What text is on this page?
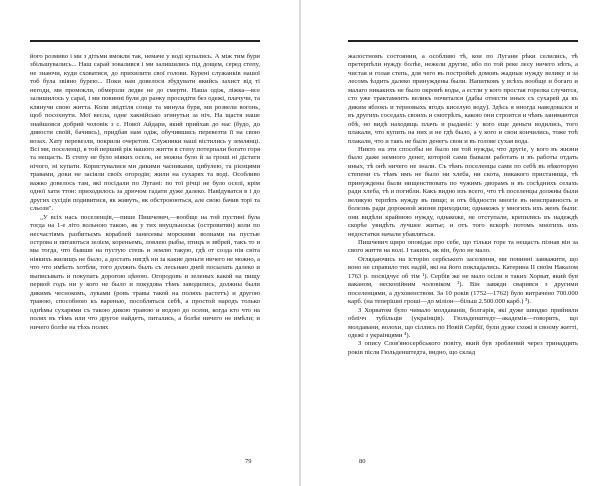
його розмиво і ми з дітьми вмокли так, немаче у воді купались. А між тим бури збільшувались... Наш сарай зовалився і ми залишились під дощем, серед степу, не знаючи, куди сховатися, до прихилити свої голови. Курені служанків нашої тоб була звіяно бурею... Поки нам довелося збудувати якийсь захист від ті негоди, ми промокли, обмерзли ледве не до смерти. Наша одіж, ліжка—все залишилось у сараї, і ми повинні були до ранку просидіти без одежі, плачучи, та клянучи свою житта. Коли звідтіля сонце та минула буря, ми розвели вогонь, щоб посохнути. Мої весла, одне хакнійсько эгинутьи за ніч. На щастя наше знайшовся добрий чоловік з с. Нової Айдари, який прийхав до нас (будо, до дивости своїй, бачивсь), придбав нам одіж, обучившись перевезти її на свою возах. Хату перевезли, покрили очеретом. Служники наші вістились у землянці. Всі ми, поселенці, в той перший рік нашого життя в степу потерпали богато горя та нещасть. В степу не було ніяких осель, не можна було й за гроші ні дістати нічого, ні купати. Користувалися ми дикими часниками, цибулею, та рієнцями травами, доки не засіяли своїх огородів; жили на сухарях та воді. Особливо важко довелось там, які посідали по Лугані: по тої річці не було оселі, крім одної хати ттон: приходилось за дрючом гадати дуже далеко. Навідуватся в і до других сусідів подивитися, як живуть, як обстроюються, але свою бачив торі та сльози".

„У всіх нась поселенців,—пише Пишчевич,—вообще на той пустині була тогда на 1-е літо вольною такою, як у тих внуцльноськ (островитян) коли по несчастіямъ разбитьємъ кораблей занесемы морскими волнами на пустые острова и питаються зелієм, кореньемъ, ловлею рыбы, птицъ и звбрей, такъ то и мы тогда, что бывши на пустую степь и землю такую, гдѣ от созда нія світа ніякихъ жилищъ не было, а достать нигдѣ ни за какие деньги ничего не можно, а что что имѣєть хотбли, того должнъ былъ съ лесьнаю дней посылать далеко и выписывать и покупать дорогою цѣною. Огородовъ и зеленых какой на пищу первой годъ ни у кого не было и покудова тѣмъ заводились, должны были дикимъ чеснокомъ, луками (ровъ травы такой на поляхъ растетъ) и другою травою, способною къ варенью, пособляться себѣ, а простой народъ только однѣмы сухарями съ такою дикою травою и водою до осени, когда кто что на полях въ тѣмъ или что другое найдетъ, питались, а болѣе ничего не имѣли; и ничего болѣе на тѣхъ полях

79

жалостномъ состоянии, а особливо тѣ, кои по Лугани рѣки селились, тѣ претерпѣли нужду болѣе, нежели другие, ибо по той реке лесу ничего нѣтъ, а чистая и голая степь, для чего въ постройкѣ домовъ жадные нужду велику и за лесомъ ѣздить далеко принуждены были. Напитковъ у всѣхъ вообще и богаго и малаго никакихъ не было окромѣ воды, а естли у кого простая горелка случится, сто уже трактаментъ великъ почитался (дабы отнести иных съ сухарей да къ диким яблокъ и терновыхъ ягодъ киселую воду). Здѣсь я иногда наведовался и въ другихъ соседахъ своихъ и смотрѣлъ, какою они строится и чѣмъ занимаются обѣ, но видѣ находящь плачъ и рыданіе: у кого еще деньги водились, того плакали, что купить на них и не гдѣ было, а у кого и свои кончились, тоже тоѣ плакали, что и такъ не было денегъ свои и въ голове сухая вода.

Никто на эти способы не было ни той нужды, что другіе, у кого въ жизни было даже немного денег, которой сами бывали работать и въ работы отдать иных, тѣ онѣ ничего не знали. Съ тѣмъ поселенцы сами по себѣ въ нѣкоторую степени съ тѣмъ имъ не было ни хлеба, ни скота, никакого пристанища, тѣ принуждены были нищенствовать по чужимъ дворамъ и въ сосѣднихъ селахъ ради хлеба, тѣ и погибли. Какъ видно изъ всего, что тѣ поселенцы должны были великую терпѣть нужду въ пище; и отъ бѣдности многіе въ неисправность и болезнь ради дорожной жизни приходили; однакожъ у многихъ ихъ женъ были: они видѣли крайнюю нужду, однакоже, не отступали, крепились въ надеждѣ скорѣе увидѣть лучшее житье; и отъ того вскорѣ потомъ многихъ ихъ недостатки начали убавляться.

Пишчевич щиро оповідає про себе, що тільки горе та нещасть пізнав він за свого життя на волі. І такихъ, як він, було не мало.

Оглядаючись на історію сербського заселення, ми повинні завважити, що воно не справило тих надій, які на його покладались. Катерина II своїм Наказом 1763 р. посвідчує об тім ¹). Сербів же не мало осіли в таких Хорват, який був ваканом, нескопійним чоловіком ²). Він завжди сварився з другими поселенцями, а духовенством. За 10 років (1752—1762) було витрачено 700.000 карб. (на теперішні гроші—до міліон—більш 2.500.000 карб.) ³).

З Хорватом було чимало молдаванів, болгарів, які дуже швидко прийняли облічч тубільців (украінців). Гюльденштедт—академік—говорить, що молдавани, волохи, що сіллись по Новій Сербії, були дуже схожі в своєму житті, одежі з украінцями ⁴).

З опису Слов'яносербського повіту, який був зроблений через тринадцять років після Гюльденштедта, видно, що склад

80
